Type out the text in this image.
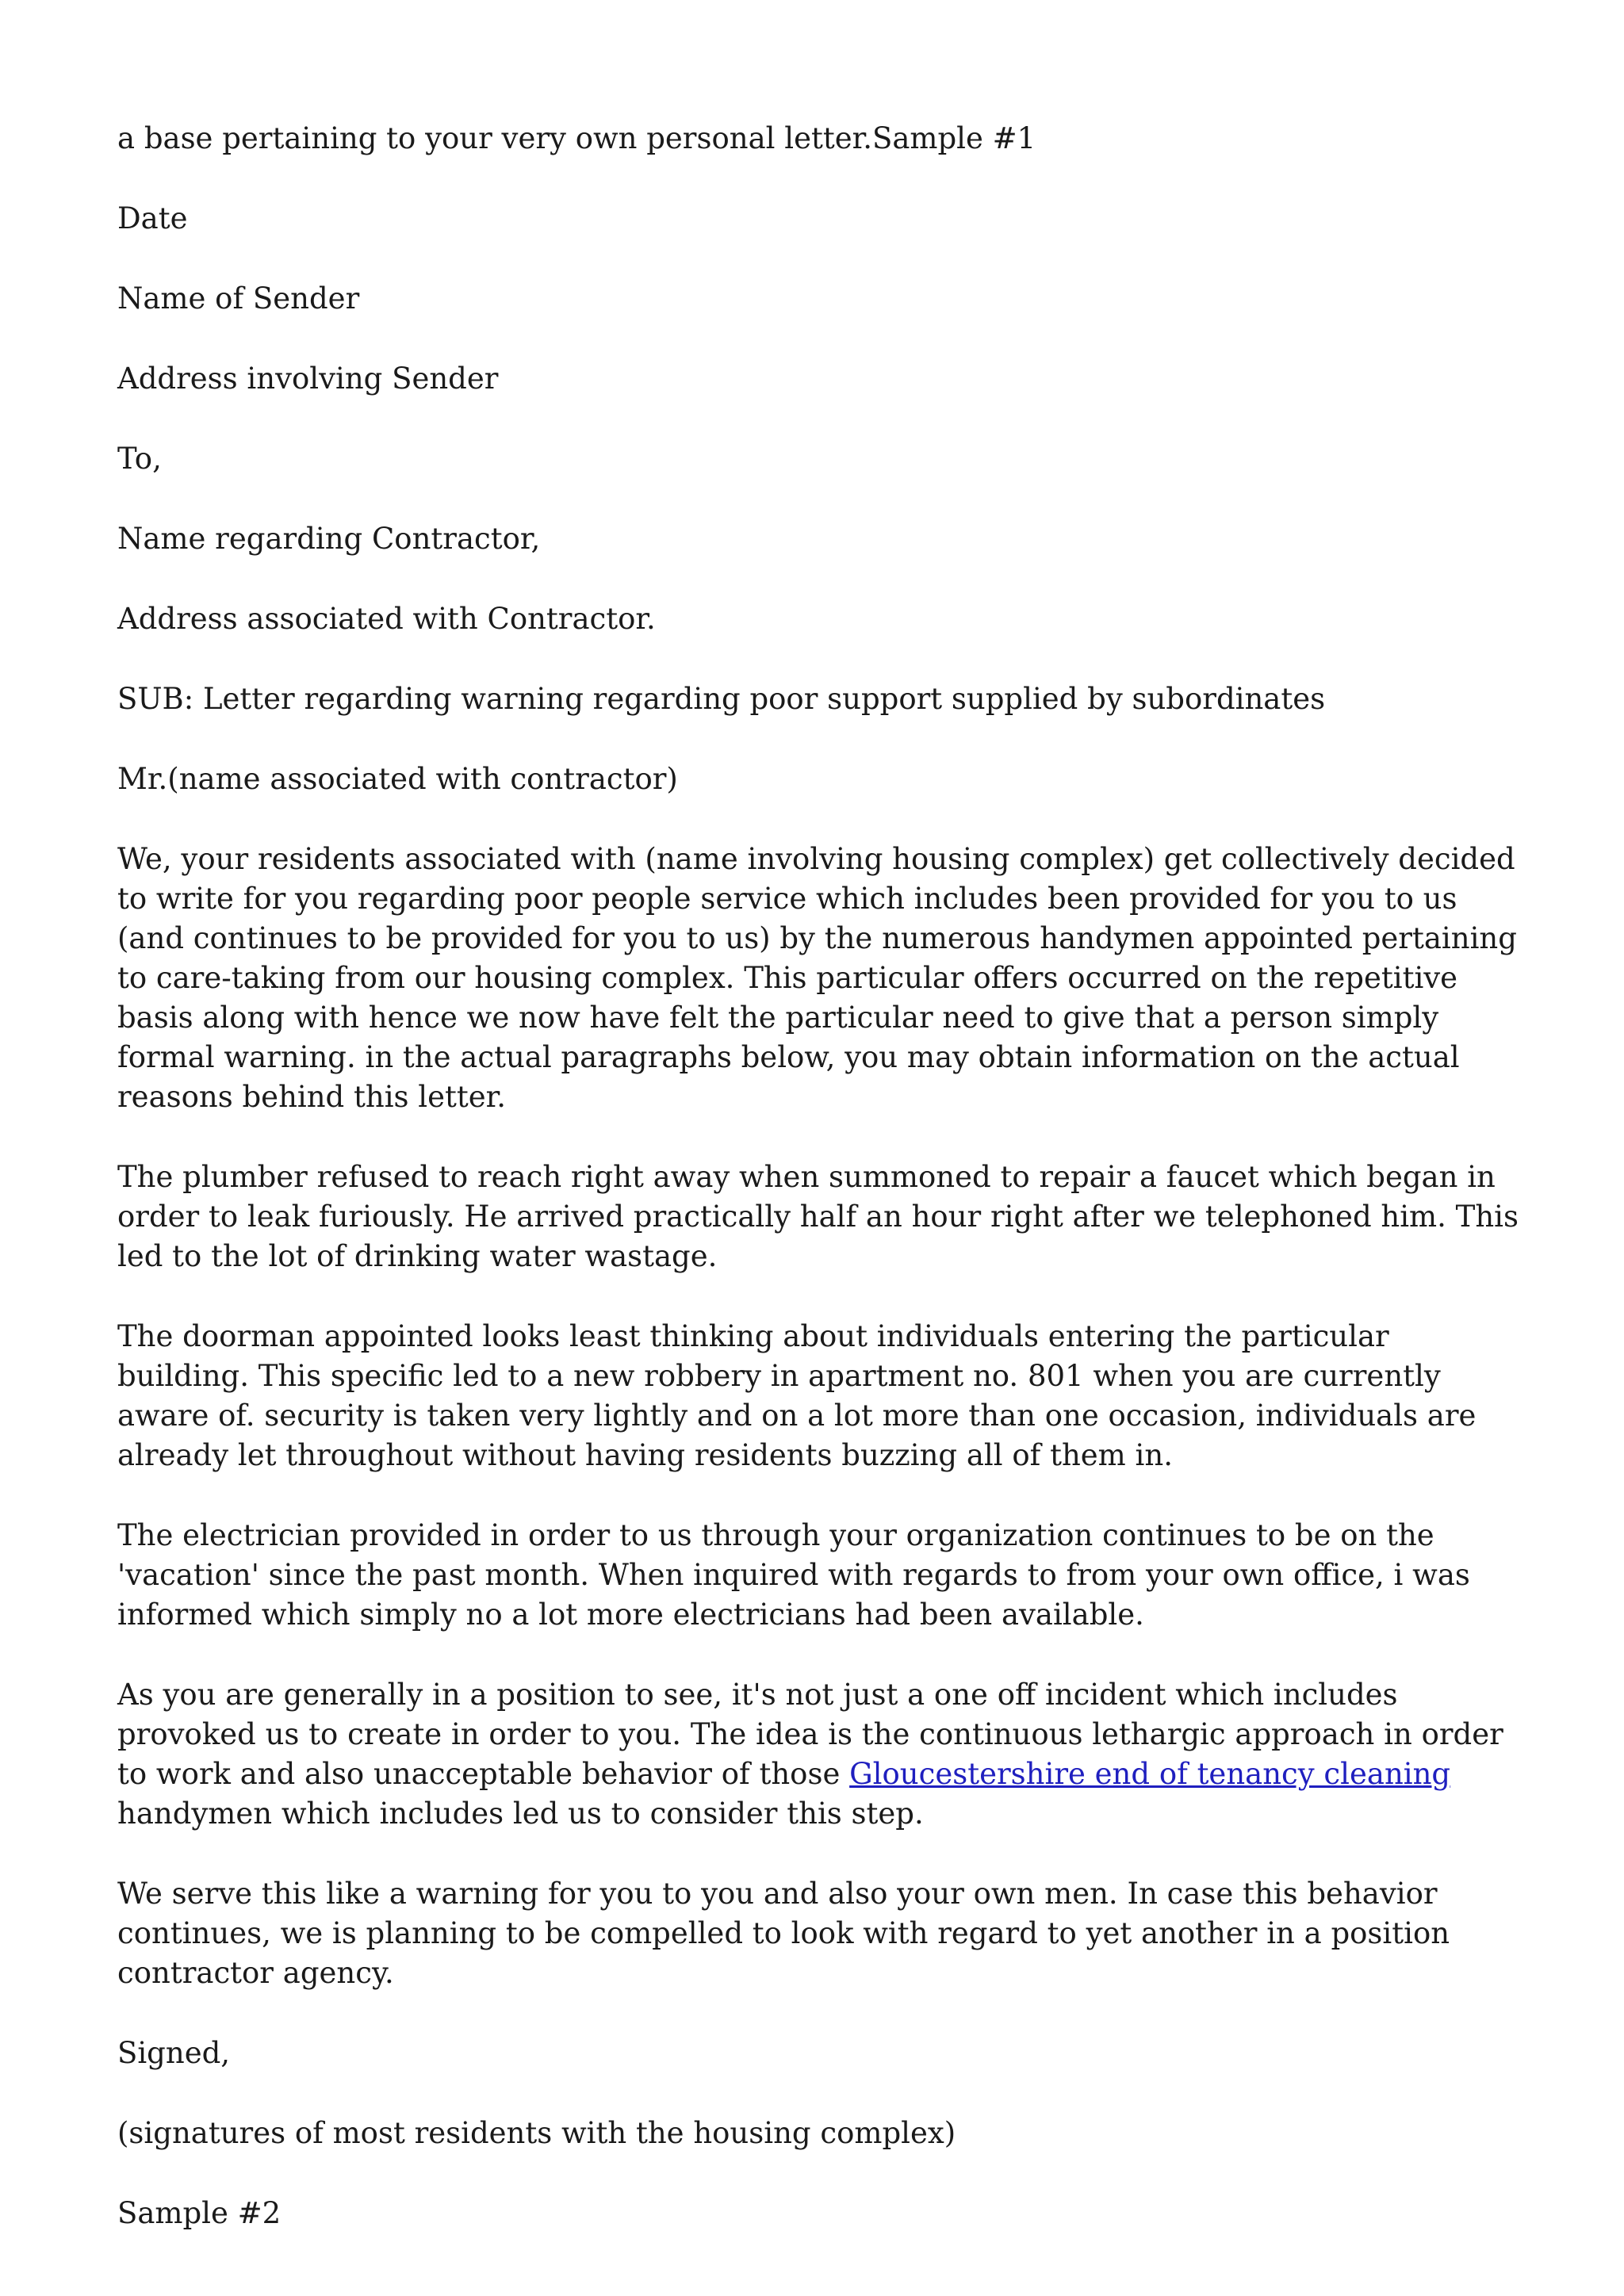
a base pertaining to your very own personal letter.Sample #1

Date

Name of Sender

Address involving Sender

To,

Name regarding Contractor,

Address associated with Contractor.

SUB: Letter regarding warning regarding poor support supplied by subordinates

Mr.(name associated with contractor)

We, your residents associated with (name involving housing complex) get collectively decided to write for you regarding poor people service which includes been provided for you to us (and continues to be provided for you to us) by the numerous handymen appointed pertaining to care-taking from our housing complex. This particular offers occurred on the repetitive basis along with hence we now have felt the particular need to give that a person simply formal warning. in the actual paragraphs below, you may obtain information on the actual reasons behind this letter.

The plumber refused to reach right away when summoned to repair a faucet which began in order to leak furiously. He arrived practically half an hour right after we telephoned him. This led to the lot of drinking water wastage.

The doorman appointed looks least thinking about individuals entering the particular building. This specific led to a new robbery in apartment no. 801 when you are currently aware of. security is taken very lightly and on a lot more than one occasion, individuals are already let throughout without having residents buzzing all of them in.

The electrician provided in order to us through your organization continues to be on the 'vacation' since the past month. When inquired with regards to from your own office, i was informed which simply no a lot more electricians had been available.

As you are generally in a position to see, it's not just a one off incident which includes provoked us to create in order to you. The idea is the continuous lethargic approach in order to work and also unacceptable behavior of those Gloucestershire end of tenancy cleaning handymen which includes led us to consider this step.

We serve this like a warning for you to you and also your own men. In case this behavior continues, we is planning to be compelled to look with regard to yet another in a position contractor agency.

Signed,

(signatures of most residents with the housing complex)

Sample #2
